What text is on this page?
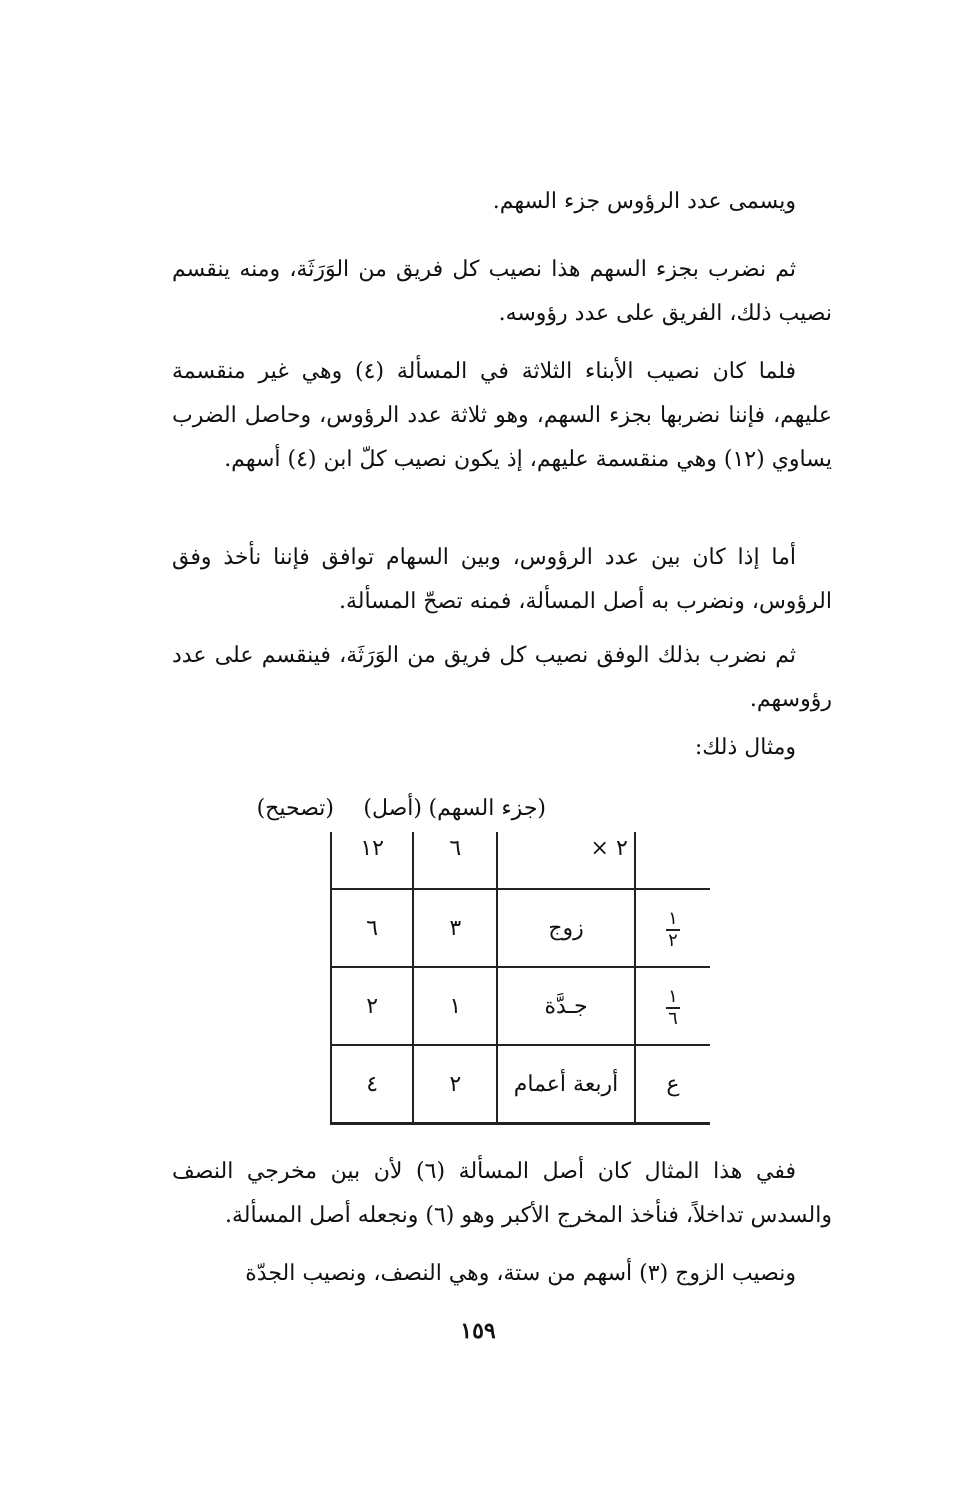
ويسمى عدد الرؤوس جزء السهم.
ثم نضرب بجزء السهم هذا نصيب كل فريق من الوَرَثَة، ومنه ينقسم نصيب ذلك، الفريق على عدد رؤوسه.
فلما كان نصيب الأبناء الثلاثة في المسألة (٤) وهي غير منقسمة عليهم، فإننا نضربها بجزء السهم، وهو ثلاثة عدد الرؤوس، وحاصل الضرب يساوي (١٢) وهي منقسمة عليهم، إذ يكون نصيب كلّ ابن (٤) أسهم.
أما إذا كان بين عدد الرؤوس، وبين السهام توافق فإننا نأخذ وفق الرؤوس، ونضرب به أصل المسألة، فمنه تصحّ المسألة.
ثم نضرب بذلك الوفق نصيب كل فريق من الوَرَثَة، فينقسم على عدد رؤوسهم.
ومثال ذلك:
(جزء السهم)
(أصل)
(تصحيح)
	٢ ×	٦	١٢

$\frac{١}{٢}$	زوج	٣	٦

$\frac{١}{٦}$	جـدَّة	١	٢
ع	أربعة أعمام	٢	٤
ففي هذا المثال كان أصل المسألة (٦) لأن بين مخرجي النصف والسدس تداخلاً، فنأخذ المخرج الأكبر وهو (٦) ونجعله أصل المسألة.
ونصيب الزوج (٣) أسهم من ستة، وهي النصف، ونصيب الجدّة
١٥٩
